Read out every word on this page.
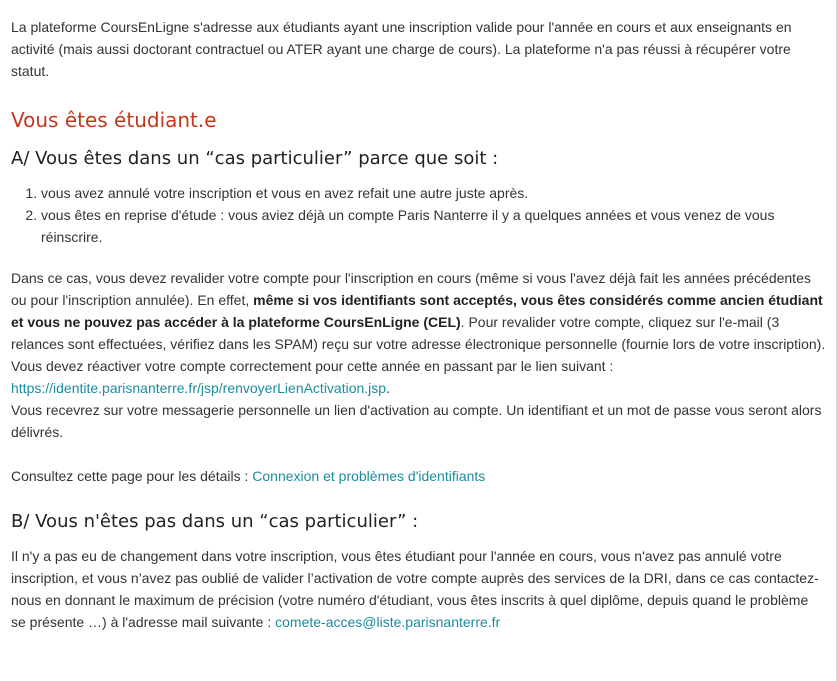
La plateforme CoursEnLigne s'adresse aux étudiants ayant une inscription valide pour l'année en cours et aux enseignants en activité (mais aussi doctorant contractuel ou ATER ayant une charge de cours). La plateforme n'a pas réussi à récupérer votre statut.

Vous êtes étudiant.e
A/ Vous êtes dans un “cas particulier” parce que soit :
1. vous avez annulé votre inscription et vous en avez refait une autre juste après.
2. vous êtes en reprise d'étude : vous aviez déjà un compte Paris Nanterre il y a quelques années et vous venez de vous réinscrire.

Dans ce cas, vous devez revalider votre compte pour l'inscription en cours (même si vous l'avez déjà fait les années précédentes ou pour l'inscription annulée). En effet, même si vos identifiants sont acceptés, vous êtes considérés comme ancien étudiant et vous ne pouvez pas accéder à la plateforme CoursEnLigne (CEL). Pour revalider votre compte, cliquez sur l'e-mail (3 relances sont effectuées, vérifiez dans les SPAM) reçu sur votre adresse électronique personnelle (fournie lors de votre inscription).

Vous devez réactiver votre compte correctement pour cette année en passant par le lien suivant : https://identite.parisnanterre.fr/jsp/renvoyerLienActivation.jsp.

Vous recevrez sur votre messagerie personnelle un lien d'activation au compte. Un identifiant et un mot de passe vous seront alors délivrés.

Consultez cette page pour les détails : Connexion et problèmes d'identifiants

B/ Vous n'êtes pas dans un “cas particulier” :

Il n'y a pas eu de changement dans votre inscription, vous êtes étudiant pour l'année en cours, vous n'avez pas annulé votre inscription, et vous n’avez pas oublié de valider l’activation de votre compte auprès des services de la DRI, dans ce cas contactez-nous en donnant le maximum de précision (votre numéro d'étudiant, vous êtes inscrits à quel diplôme, depuis quand le problème se présente …) à l'adresse mail suivante : comete-acces@liste.parisnanterre.fr
